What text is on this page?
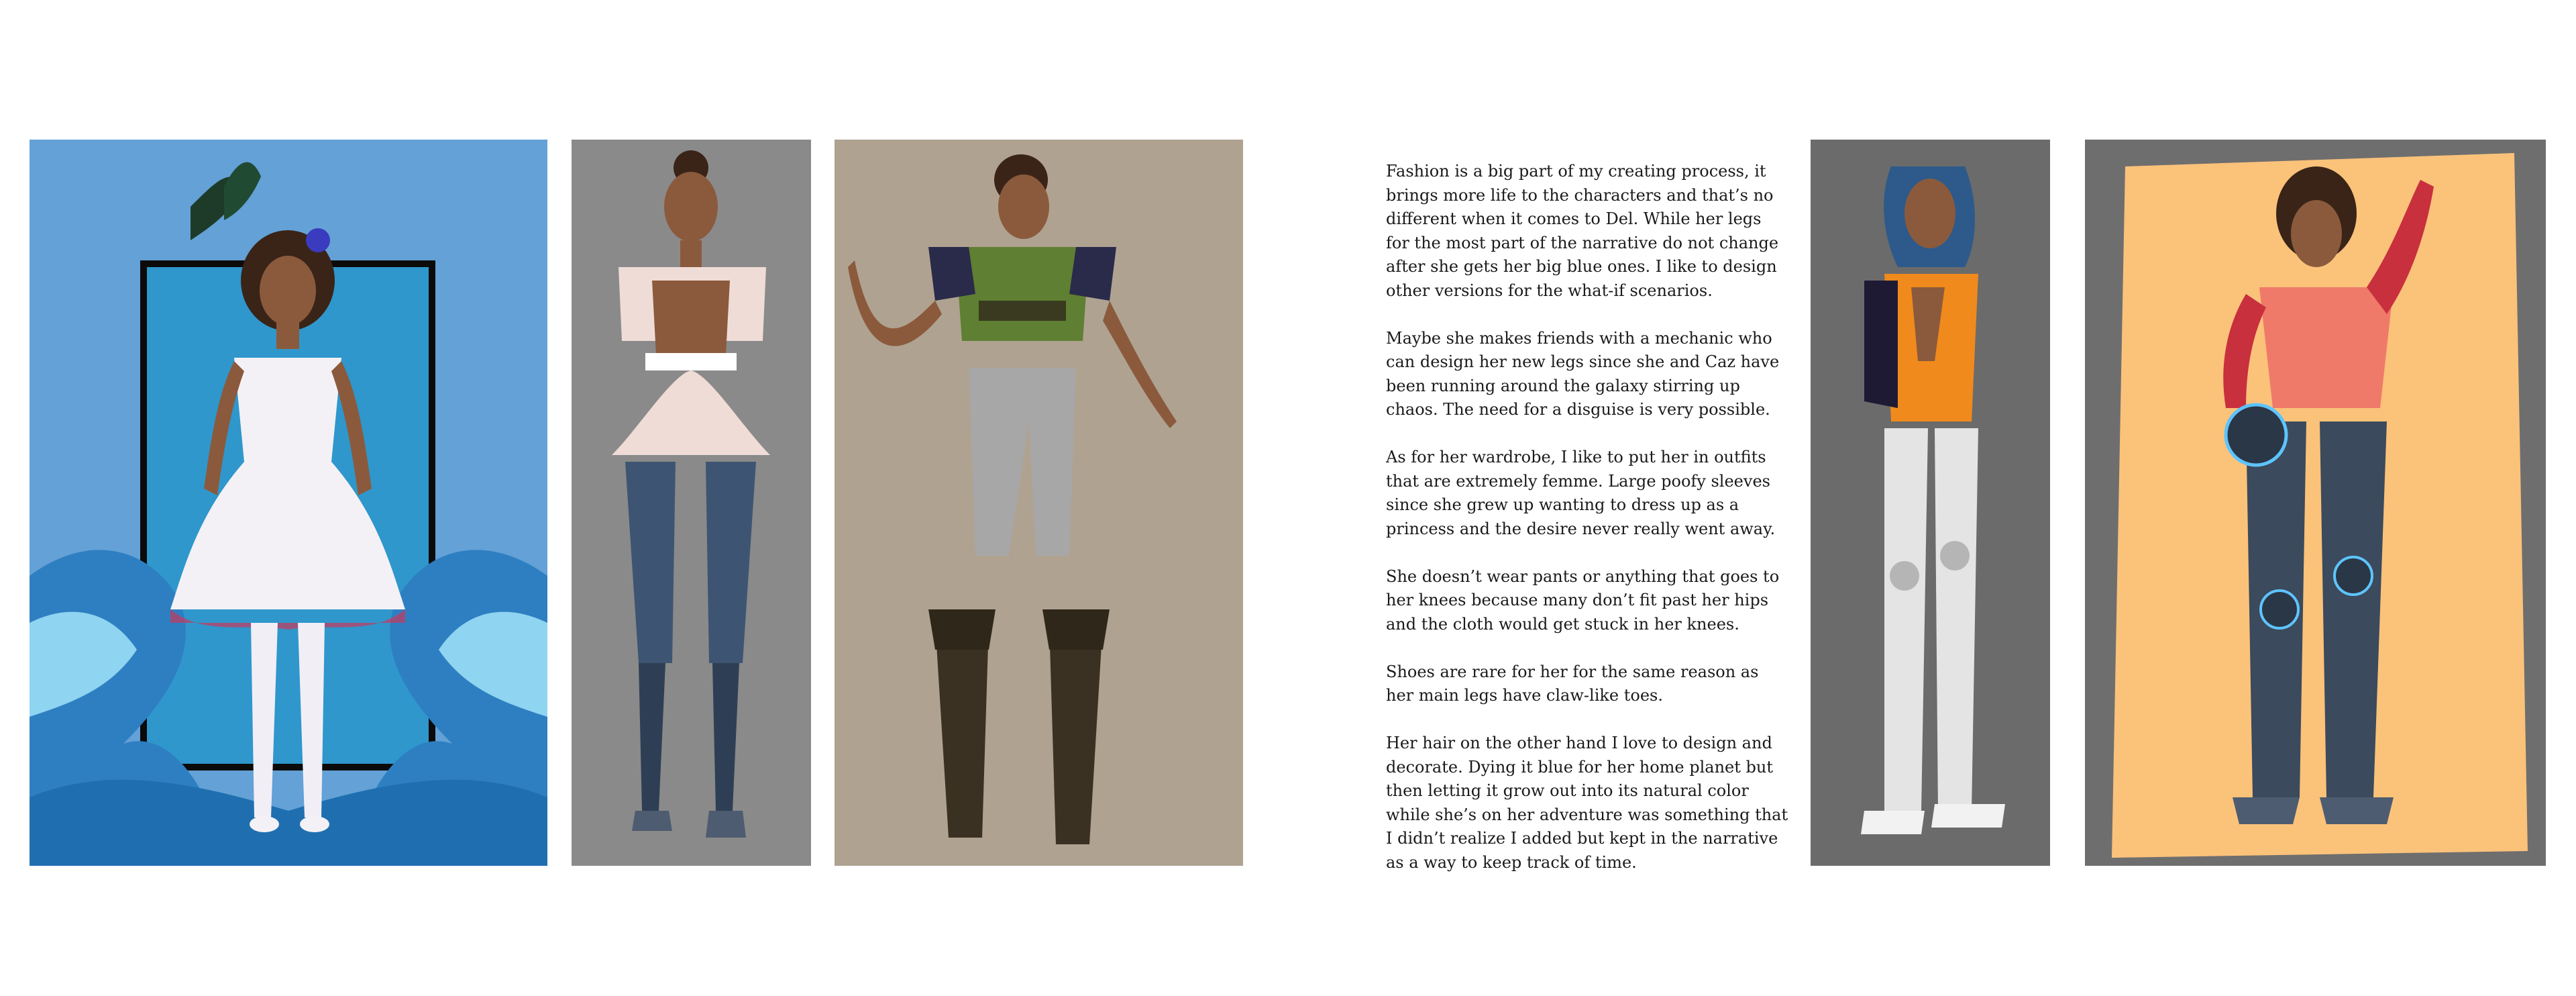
Fashion is a big part of my creating process, it brings more life to the characters and that’s no different when it comes to Del. While her legs for the most part of the narrative do not change after she gets her big blue ones. I like to design other versions for the what-if scenarios.

Maybe she makes friends with a mechanic who can design her new legs since she and Caz have been running around the galaxy stirring up chaos. The need for a disguise is very possible.

As for her wardrobe, I like to put her in outfits that are extremely femme. Large poofy sleeves since she grew up wanting to dress up as a princess and the desire never really went away.

She doesn’t wear pants or anything that goes to her knees because many don’t fit past her hips and the cloth would get stuck in her knees.

Shoes are rare for her for the same reason as her main legs have claw-like toes.

Her hair on the other hand I love to design and decorate. Dying it blue for her home planet but then letting it grow out into its natural color while she’s on her adventure was something that I didn’t realize I added but kept in the narrative as a way to keep track of time.
